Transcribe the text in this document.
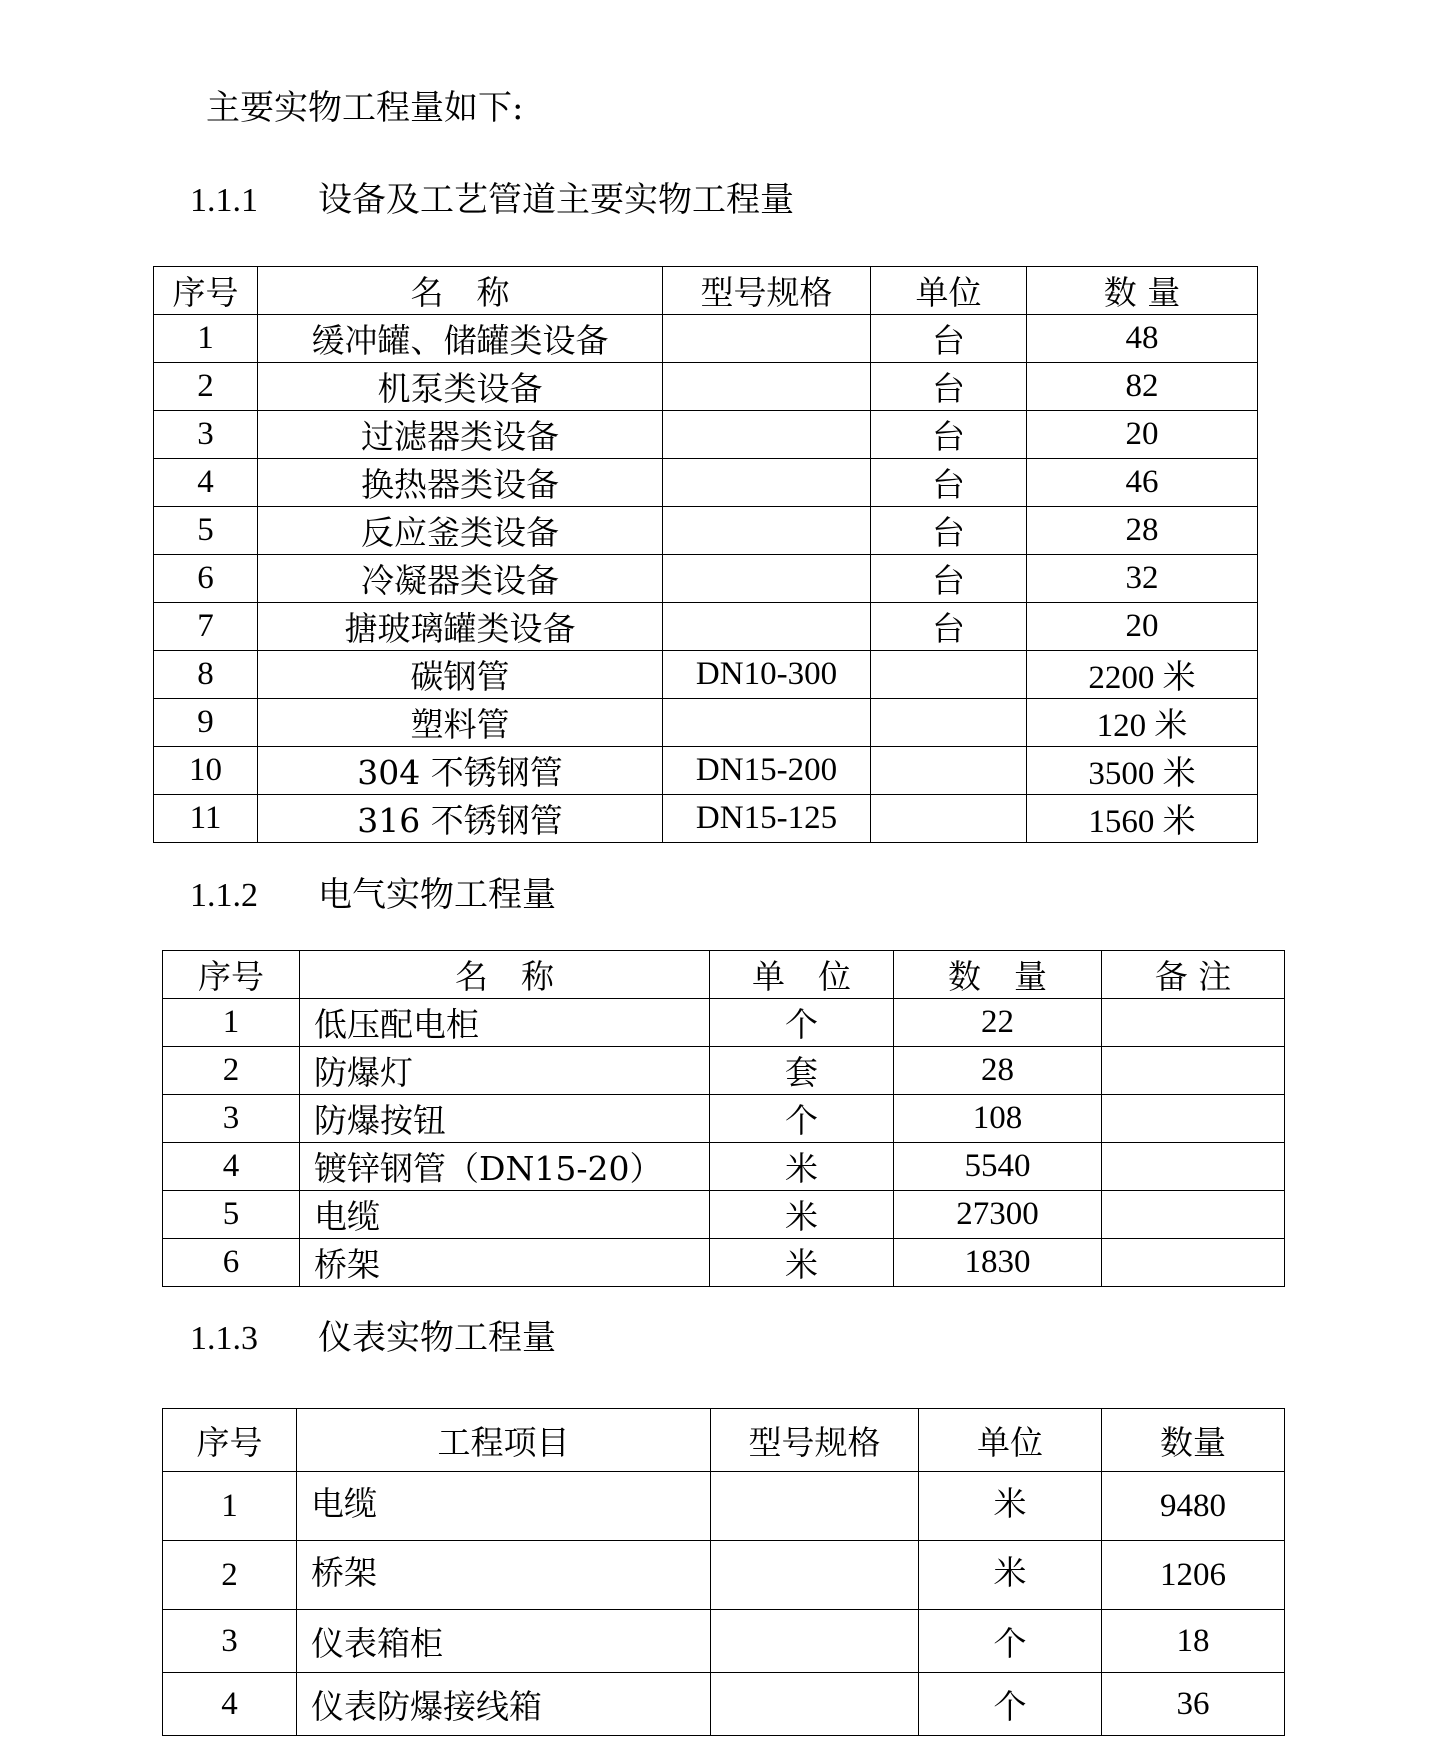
主要实物工程量如下:
1.1.1 设备及工艺管道主要实物工程量
序号	名　称	型号规格	单位	数 量
1	缓冲罐、储罐类设备		台	48
2	机泵类设备		台	82
3	过滤器类设备		台	20
4	换热器类设备		台	46
5	反应釜类设备		台	28
6	冷凝器类设备		台	32
7	搪玻璃罐类设备		台	20
8	碳钢管	DN10-300		2200 米
9	塑料管			120 米
10	304 不锈钢管	DN15-200		3500 米
11	316 不锈钢管	DN15-125		1560 米
1.1.2 电气实物工程量
序号	名　称	单　位	数　量	备 注
1	低压配电柜	个	22	
2	防爆灯	套	28	
3	防爆按钮	个	108	
4	镀锌钢管（DN15-20）	米	5540	
5	电缆	米	27300	
6	桥架	米	1830	
1.1.3 仪表实物工程量
序号	工程项目	型号规格	单位	数量
1	电缆		米	9480
2	桥架		米	1206
3	仪表箱柜		个	18
4	仪表防爆接线箱		个	36
